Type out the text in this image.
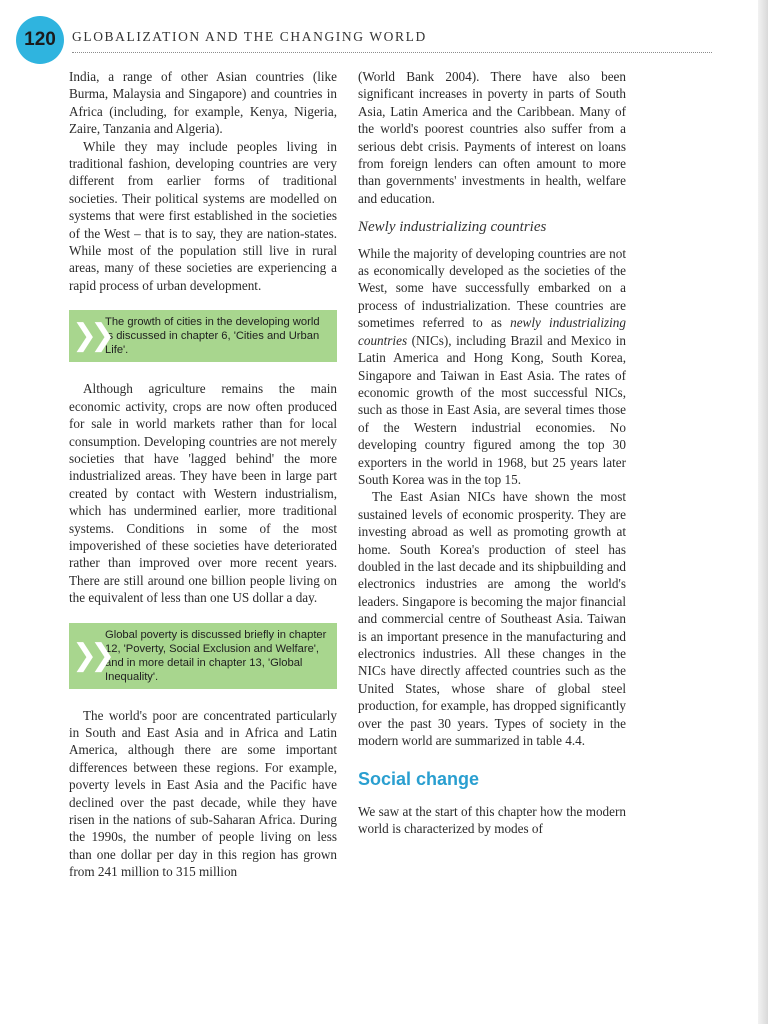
120	GLOBALIZATION AND THE CHANGING WORLD

India, a range of other Asian countries (like Burma, Malaysia and Singapore) and countries in Africa (including, for example, Kenya, Nigeria, Zaire, Tanzania and Algeria).

While they may include peoples living in traditional fashion, developing countries are very different from earlier forms of traditional societies. Their political systems are modelled on systems that were first established in the societies of the West – that is to say, they are nation-states. While most of the population still live in rural areas, many of these societies are experiencing a rapid process of urban development.

❯❯
The growth of cities in the developing world is discussed in chapter 6, 'Cities and Urban Life'.

Although agriculture remains the main economic activity, crops are now often produced for sale in world markets rather than for local consumption. Developing countries are not merely societies that have 'lagged behind' the more industrialized areas. They have been in large part created by contact with Western industrialism, which has undermined earlier, more traditional systems. Conditions in some of the most impoverished of these societies have deteriorated rather than improved over more recent years. There are still around one billion people living on the equivalent of less than one US dollar a day.

❯❯
Global poverty is discussed briefly in chapter 12, 'Poverty, Social Exclusion and Welfare', and in more detail in chapter 13, 'Global Inequality'.

The world's poor are concentrated particularly in South and East Asia and in Africa and Latin America, although there are some important differences between these regions. For example, poverty levels in East Asia and the Pacific have declined over the past decade, while they have risen in the nations of sub-Saharan Africa. During the 1990s, the number of people living on less than one dollar per day in this region has grown from 241 million to 315 million

(World Bank 2004). There have also been significant increases in poverty in parts of South Asia, Latin America and the Caribbean. Many of the world's poorest countries also suffer from a serious debt crisis. Payments of interest on loans from foreign lenders can often amount to more than governments' investments in health, welfare and education.

Newly industrializing countries

While the majority of developing countries are not as economically developed as the societies of the West, some have successfully embarked on a process of industrialization. These countries are sometimes referred to as newly industrializing countries (NICs), including Brazil and Mexico in Latin America and Hong Kong, South Korea, Singapore and Taiwan in East Asia. The rates of economic growth of the most successful NICs, such as those in East Asia, are several times those of the Western industrial economies. No developing country figured among the top 30 exporters in the world in 1968, but 25 years later South Korea was in the top 15.

The East Asian NICs have shown the most sustained levels of economic prosperity. They are investing abroad as well as promoting growth at home. South Korea's production of steel has doubled in the last decade and its shipbuilding and electronics industries are among the world's leaders. Singapore is becoming the major financial and commercial centre of Southeast Asia. Taiwan is an important presence in the manufacturing and electronics industries. All these changes in the NICs have directly affected countries such as the United States, whose share of global steel production, for example, has dropped significantly over the past 30 years. Types of society in the modern world are summarized in table 4.4.

Social change

We saw at the start of this chapter how the modern world is characterized by modes of
